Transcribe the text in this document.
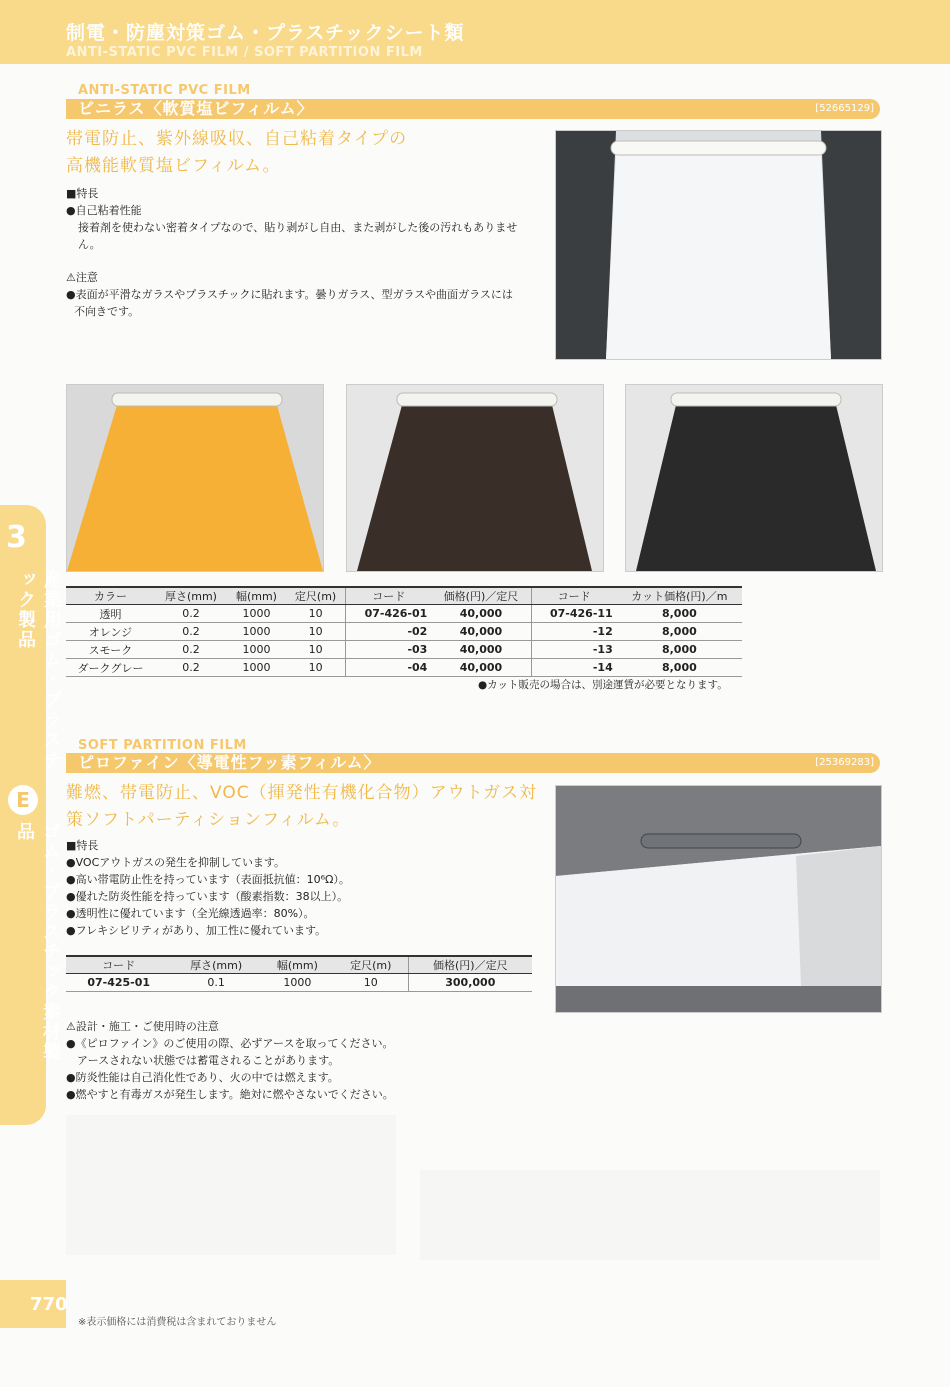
制電・防塵対策ゴム・プラスチックシート類
ANTI-STATIC PVC FILM / SOFT PARTITION FILM
3
産業用ゴム・プラスチック製品
E
ゴム・プラスチック素材製品
ANTI-STATIC PVC FILM
ビニラス〈軟質塩ビフィルム〉	[52665129]
帯電防止、紫外線吸収、自己粘着タイプの
高機能軟質塩ビフィルム。
■特長
●自己粘着性能
接着剤を使わない密着タイプなので、貼り剥がし自由、また剥がした後の汚れもありませ
ん。
⚠注意
●表面が平滑なガラスやプラスチックに貼れます。曇りガラス、型ガラスや曲面ガラスには
不向きです。
カラー	厚さ(mm)	幅(mm)	定尺(m)	コード	価格(円)／定尺	コード	カット価格(円)／m
透明	0.2	1000	10	07-426-01	40,000	07-426-11	8,000
オレンジ	0.2	1000	10	-02	40,000	-12	8,000
スモーク	0.2	1000	10	-03	40,000	-13	8,000
ダークグレー	0.2	1000	10	-04	40,000	-14	8,000
●カット販売の場合は、別途運賃が必要となります。
SOFT PARTITION FILM
ピロファイン〈導電性フッ素フィルム〉	[25369283]
難燃、帯電防止、VOC（揮発性有機化合物）アウトガス対
策ソフトパーティションフィルム。
■特長
●VOCアウトガスの発生を抑制しています。
●高い帯電防止性を持っています（表面抵抗値：10⁶Ω）。
●優れた防炎性能を持っています（酸素指数：38以上）。
●透明性に優れています（全光線透過率：80%）。
●フレキシビリティがあり、加工性に優れています。
コード	厚さ(mm)	幅(mm)	定尺(m)	価格(円)／定尺
07-425-01	0.1	1000	10	300,000
⚠設計・施工・ご使用時の注意
●《ピロファイン》のご使用の際、必ずアースを取ってください。
　アースされない状態では蓄電されることがあります。
●防炎性能は自己消化性であり、火の中では燃えます。
●燃やすと有毒ガスが発生します。絶対に燃やさないでください。
770
※表示価格には消費税は含まれておりません
